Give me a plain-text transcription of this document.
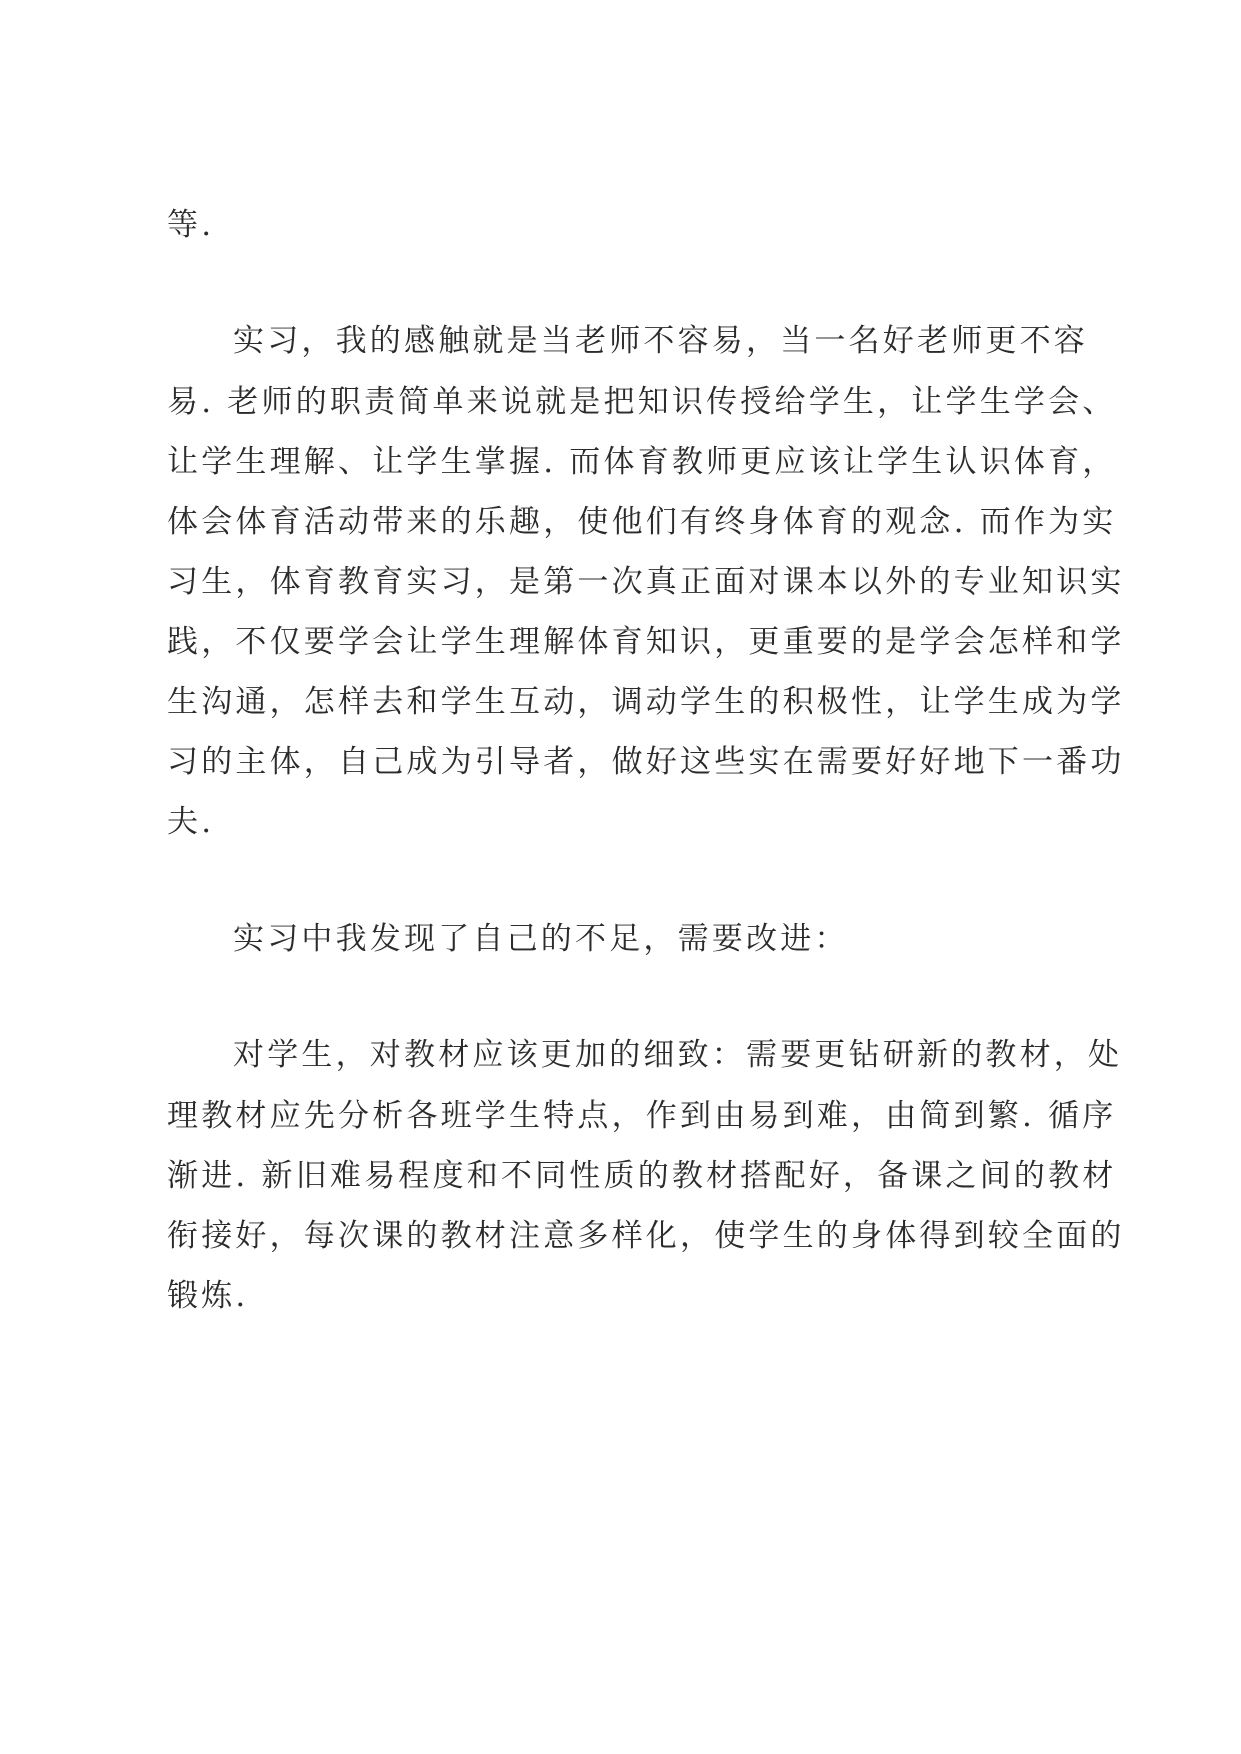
等.

实习，我的感触就是当老师不容易，当一名好老师更不容

易. 老师的职责简单来说就是把知识传授给学生，让学生学会、

让学生理解、让学生掌握. 而体育教师更应该让学生认识体育，

体会体育活动带来的乐趣，使他们有终身体育的观念. 而作为实

习生，体育教育实习，是第一次真正面对课本以外的专业知识实

践，不仅要学会让学生理解体育知识，更重要的是学会怎样和学

生沟通，怎样去和学生互动，调动学生的积极性，让学生成为学

习的主体，自己成为引导者，做好这些实在需要好好地下一番功

夫.

实习中我发现了自己的不足，需要改进：

对学生，对教材应该更加的细致：需要更钻研新的教材，处

理教材应先分析各班学生特点，作到由易到难，由简到繁. 循序

渐进. 新旧难易程度和不同性质的教材搭配好，备课之间的教材

衔接好，每次课的教材注意多样化，使学生的身体得到较全面的

锻炼.
